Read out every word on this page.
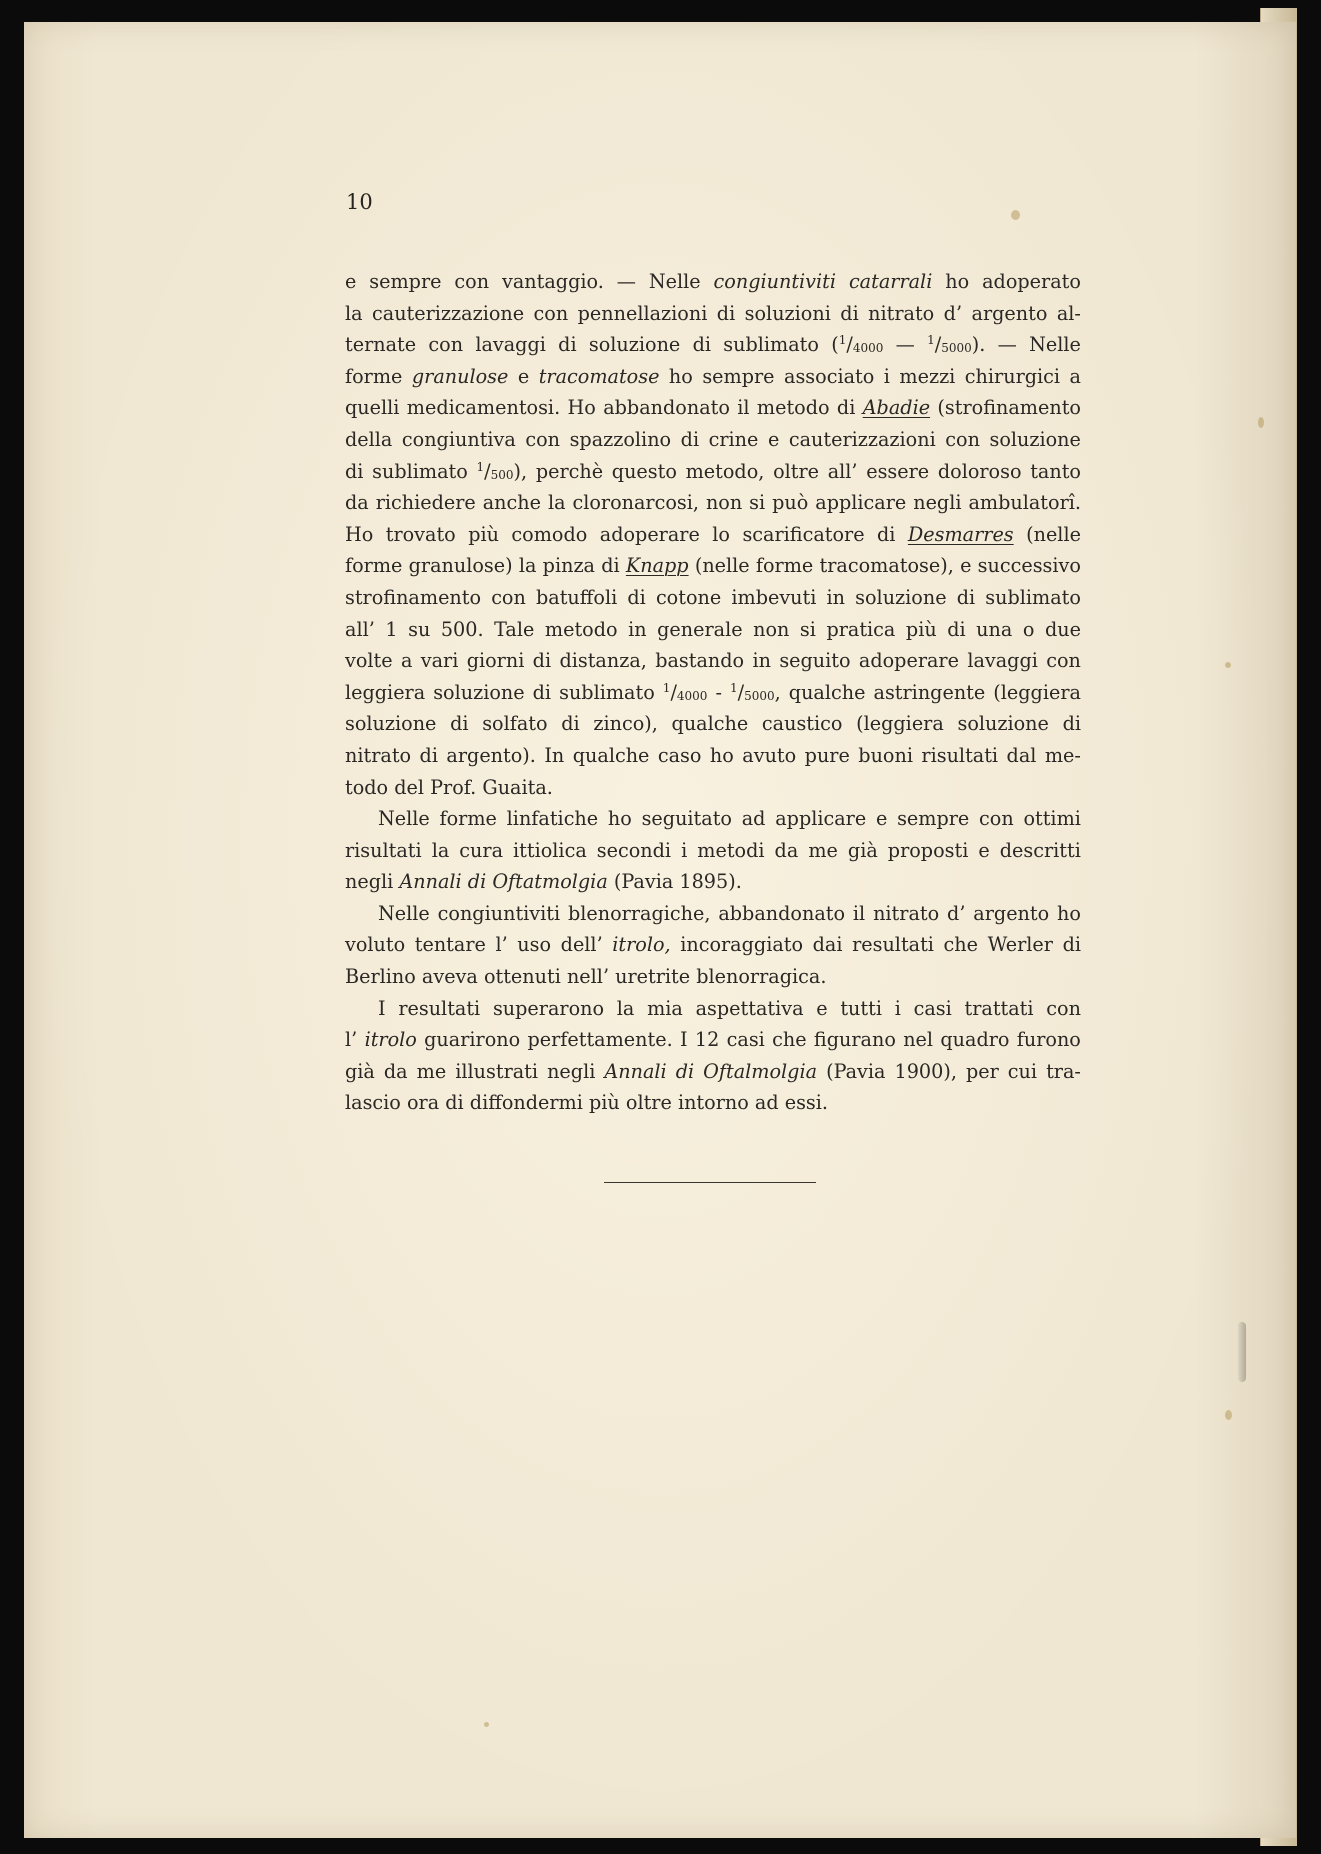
10
e sempre con vantaggio. — Nelle congiuntiviti catarrali ho adoperato
la cauterizzazione con pennellazioni di soluzioni di nitrato d’ argento al-
ternate con lavaggi di soluzione di sublimato ($^1/_{4000}$ — $^1/_{5000}$). — Nelle
forme granulose e tracomatose ho sempre associato i mezzi chirurgici a
quelli medicamentosi. Ho abbandonato il metodo di Abadie (strofinamento
della congiuntiva con spazzolino di crine e cauterizzazioni con soluzione
di sublimato $^1/_{500}$), perchè questo metodo, oltre all’ essere doloroso tanto
da richiedere anche la cloronarcosi, non si può applicare negli ambulatorî.
Ho trovato più comodo adoperare lo scarificatore di Desmarres (nelle
forme granulose) la pinza di Knapp (nelle forme tracomatose), e successivo
strofinamento con batuffoli di cotone imbevuti in soluzione di sublimato
all’ 1 su 500. Tale metodo in generale non si pratica più di una o due
volte a vari giorni di distanza, bastando in seguito adoperare lavaggi con
leggiera soluzione di sublimato $^1/_{4000} - ^1/_{5000}$, qualche astringente (leggiera
soluzione di solfato di zinco), qualche caustico (leggiera soluzione di
nitrato di argento). In qualche caso ho avuto pure buoni risultati dal me-
todo del Prof. Guaita.
Nelle forme linfatiche ho seguitato ad applicare e sempre con ottimi
risultati la cura ittiolica secondi i metodi da me già proposti e descritti
negli Annali di Oftatmolgia (Pavia 1895).
Nelle congiuntiviti blenorragiche, abbandonato il nitrato d’ argento ho
voluto tentare l’ uso dell’ itrolo, incoraggiato dai resultati che Werler di
Berlino aveva ottenuti nell’ uretrite blenorragica.
I resultati superarono la mia aspettativa e tutti i casi trattati con
l’ itrolo guarirono perfettamente. I 12 casi che figurano nel quadro furono
già da me illustrati negli Annali di Oftalmolgia (Pavia 1900), per cui tra-
lascio ora di diffondermi più oltre intorno ad essi.
